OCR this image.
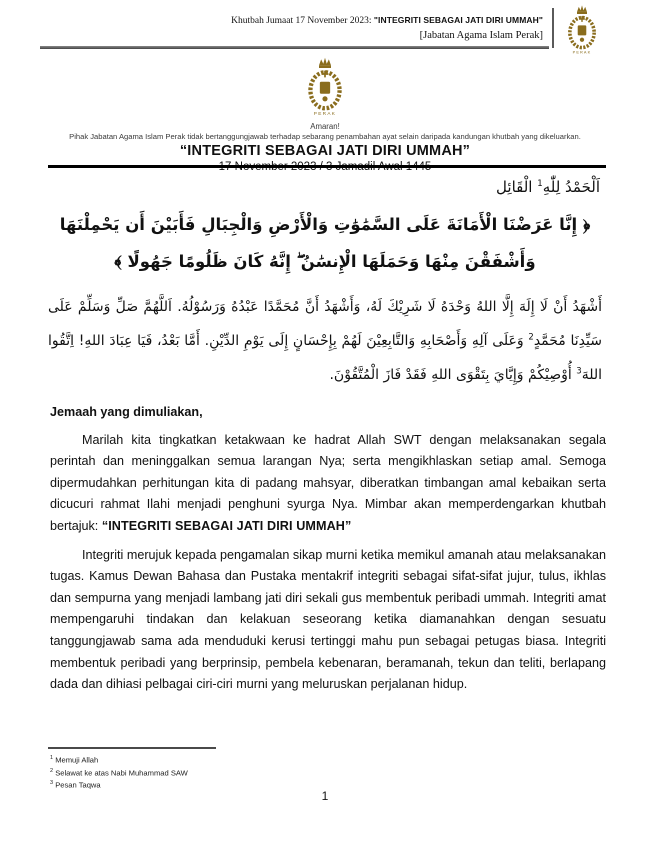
Khutbah Jumaat 17 November 2023: "INTEGRITI SEBAGAI JATI DIRI UMMAH"
[Jabatan Agama Islam Perak]
PERAK
PERAK
Amaran!
Pihak Jabatan Agama Islam Perak tidak bertanggungjawab terhadap sebarang penambahan ayat selain daripada kandungan khutbah yang dikeluarkan.
“INTEGRITI SEBAGAI JATI DIRI UMMAH”
اَلْحَمْدُ لِلّٰهِ$^1$ الْقَائِل
﴿ إِنَّا عَرَضْنَا الْأَمَانَةَ عَلَى السَّمَٰوَٰتِ وَالْأَرْضِ وَالْجِبَالِ فَأَبَيْنَ أَن يَحْمِلْنَهَا وَأَشْفَقْنَ مِنْهَا وَحَمَلَهَا الْإِنسَٰنُ ۖ إِنَّهُ كَانَ ظَلُومًا جَهُولًا ﴾
أَشْهَدُ أَنْ لَا إِلَهَ إِلَّا اللهُ وَحْدَهُ لَا شَرِيْكَ لَهُ، وَأَشْهَدُ أَنَّ مُحَمَّدًا عَبْدُهُ وَرَسُوْلُهُ. اَللَّهُمَّ صَلِّ وَسَلِّمْ عَلَى سَيِّدِنَا مُحَمَّدٍ$^2$ وَعَلَى آلِهِ وَأَصْحَابِهِ وَالتَّابِعِيْنَ لَهُمْ بِإِحْسَانٍ إِلَى يَوْمِ الدِّيْنِ. أَمَّا بَعْدُ، فَيَا عِبَادَ اللهِ! اِتَّقُوا اللهَ$^3$ أُوْصِيْكُمْ وَإِيَّايَ بِتَقْوَى اللهِ فَقَدْ فَازَ الْمُتَّقُوْنَ.

Jemaah yang dimuliakan,

Marilah kita tingkatkan ketakwaan ke hadrat Allah SWT dengan melaksanakan segala perintah dan meninggalkan semua larangan Nya; serta mengikhlaskan setiap amal. Semoga dipermudahkan perhitungan kita di padang mahsyar, diberatkan timbangan amal kebaikan serta dicucuri rahmat Ilahi menjadi penghuni syurga Nya. Mimbar akan memperdengarkan khutbah bertajuk: “INTEGRITI SEBAGAI JATI DIRI UMMAH”

Integriti merujuk kepada pengamalan sikap murni ketika memikul amanah atau melaksanakan tugas. Kamus Dewan Bahasa dan Pustaka mentakrif integriti sebagai sifat-sifat jujur, tulus, ikhlas dan sempurna yang menjadi lambang jati diri sekali gus membentuk peribadi ummah. Integriti amat mempengaruhi tindakan dan kelakuan seseorang ketika diamanahkan dengan sesuatu tanggungjawab sama ada menduduki kerusi tertinggi mahu pun sebagai petugas biasa. Integriti membentuk peribadi yang berprinsip, pembela kebenaran, beramanah, tekun dan teliti, berlapang dada dan dihiasi pelbagai ciri-ciri murni yang meluruskan perjalanan hidup.

$^1$ Memuji Allah
$^2$ Selawat ke atas Nabi Muhammad SAW
$^3$ Pesan Taqwa
1
